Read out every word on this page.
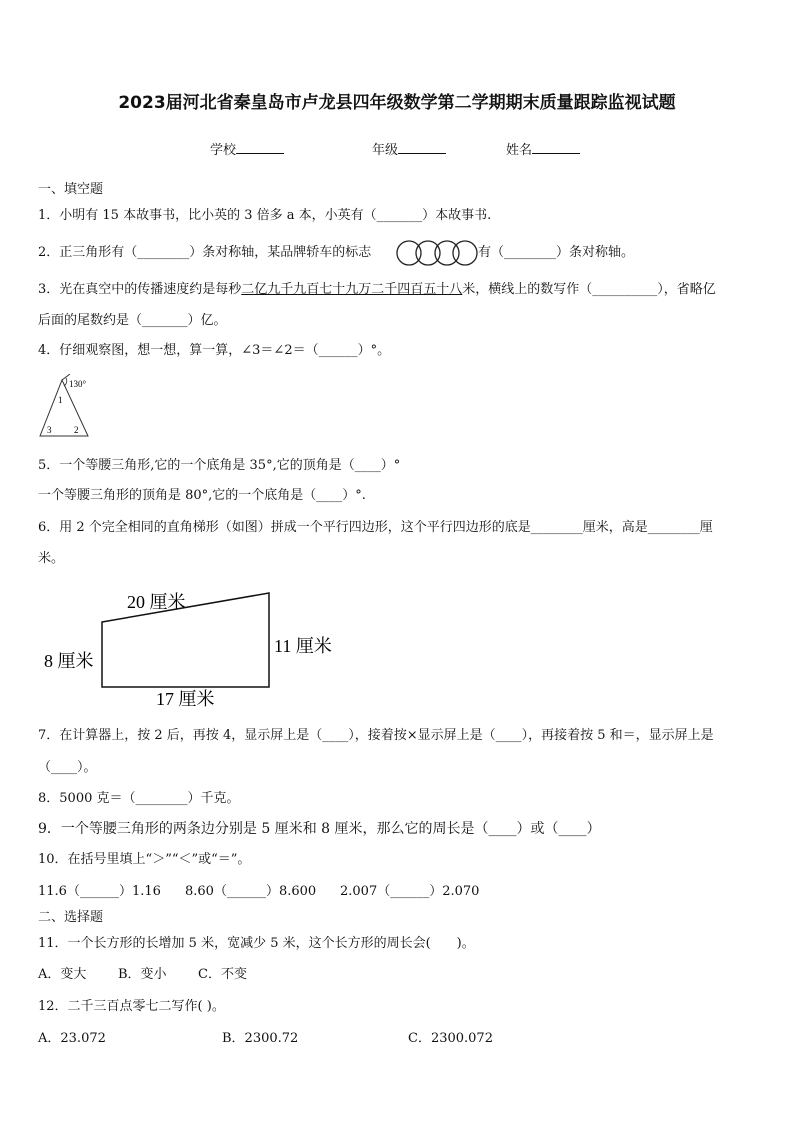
2023届河北省秦皇岛市卢龙县四年级数学第二学期期末质量跟踪监视试题
学校	年级	姓名
一、填空题
1．小明有 15 本故事书，比小英的 3 倍多 a 本，小英有（_______）本故事书.
2．正三角形有（________）条对称轴，某品牌轿车的标志	有（________）条对称轴。
3．光在真空中的传播速度约是每秒二亿九千九百七十九万二千四百五十八米，横线上的数写作（__________），省略亿
后面的尾数约是（_______）亿。
4．仔细观察图，想一想，算一算，∠3＝∠2＝（______）°。
130°
1
3	2
5．一个等腰三角形,它的一个底角是 35°,它的顶角是（____）°
一个等腰三角形的顶角是 80°,它的一个底角是（____）°.
6．用 2 个完全相同的直角梯形（如图）拼成一个平行四边形，这个平行四边形的底是________厘米，高是________厘
米。
20 厘米
8 厘米
11 厘米
17 厘米
7．在计算器上，按 2 后，再按 4，显示屏上是（____），接着按×显示屏上是（____），再接着按 5 和＝，显示屏上是
（____）。
8．5000 克＝（________）千克。
9．一个等腰三角形的两条边分别是 5 厘米和 8 厘米，那么它的周长是（____）或（____）
10．在括号里填上“＞”“＜”或“＝”。
11.6（______）1.16 8.60（______）8.600 2.007（______）2.070
二、选择题
11．一个长方形的长增加 5 米，宽减少 5 米，这个长方形的周长会(　　)。
A．变大 B．变小 C．不变
12．二千三百点零七二写作( )。
A．23.072	B．2300.72	C．2300.072
